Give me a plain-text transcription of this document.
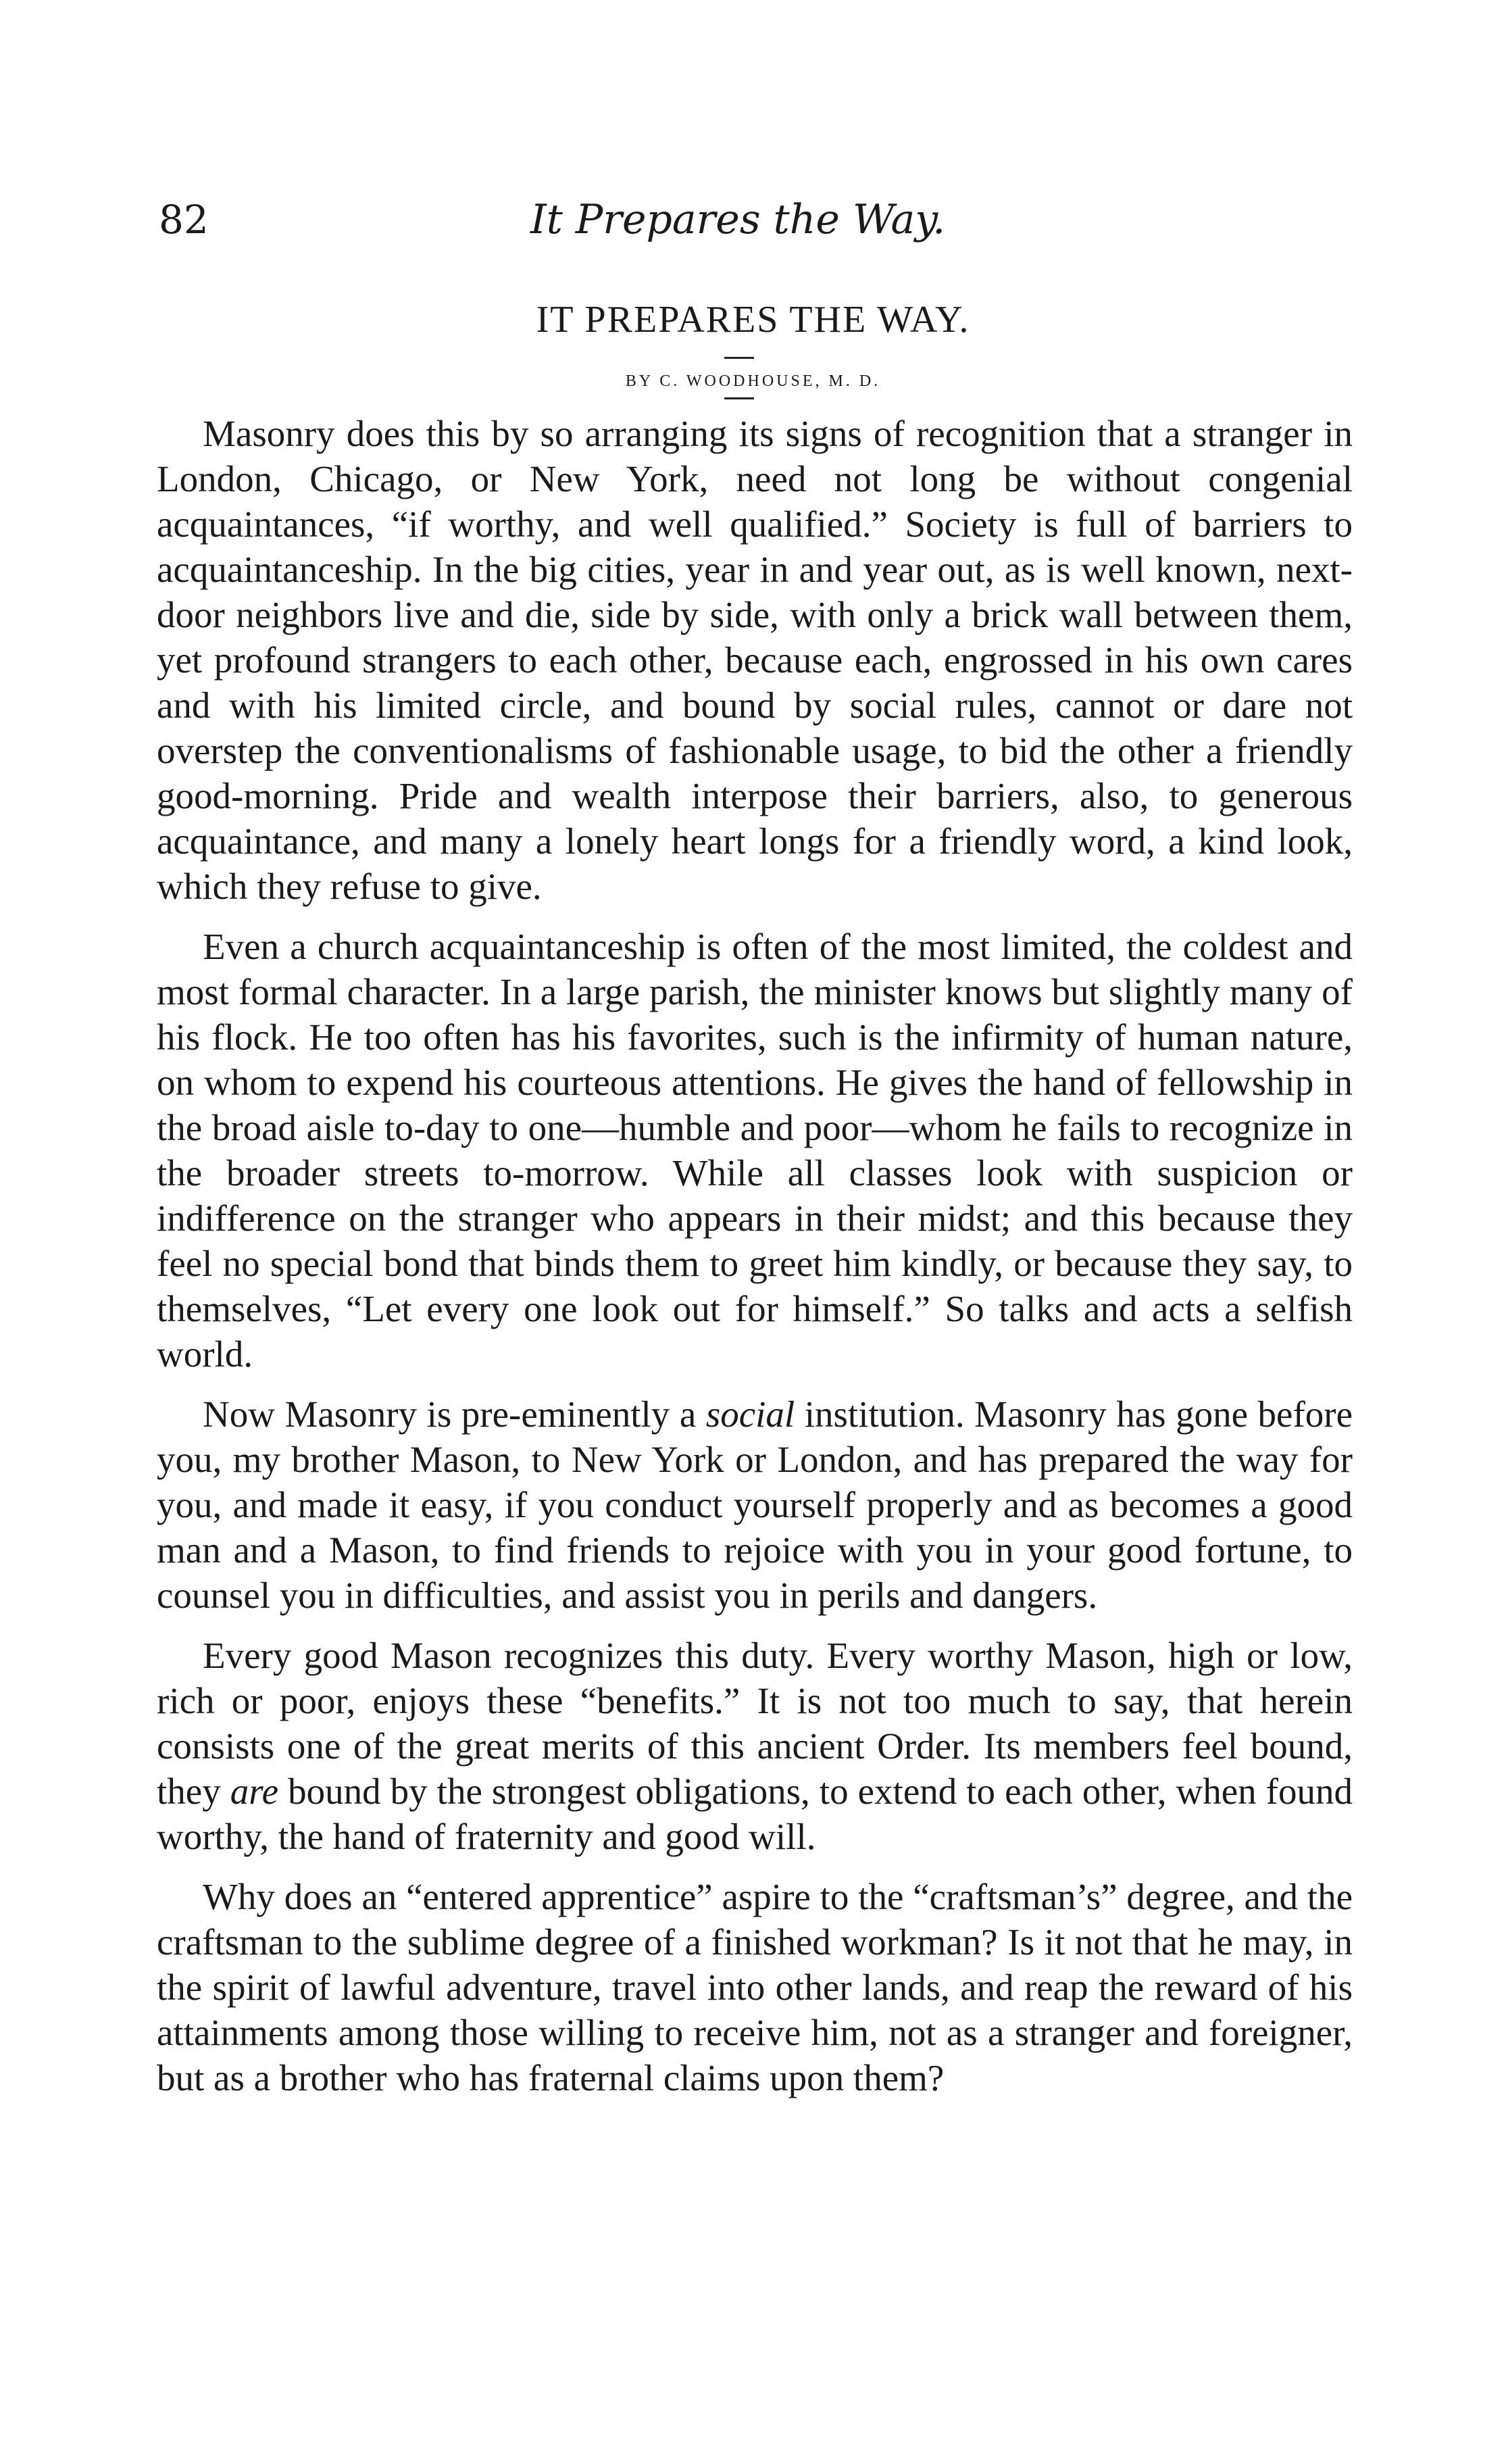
82	It Prepares the Way.
IT PREPARES THE WAY.
BY C. WOODHOUSE, M. D.

Masonry does this by so arranging its signs of recognition that a stranger in London, Chicago, or New York, need not long be without congenial acquaintances, “if worthy, and well qualified.” Society is full of barriers to acquaintanceship. In the big cities, year in and year out, as is well known, next-door neighbors live and die, side by side, with only a brick wall between them, yet profound strangers to each other, because each, engrossed in his own cares and with his limited circle, and bound by social rules, cannot or dare not overstep the conventionalisms of fashionable usage, to bid the other a friendly good-morning. Pride and wealth interpose their barriers, also, to generous acquaintance, and many a lonely heart longs for a friendly word, a kind look, which they refuse to give.

Even a church acquaintanceship is often of the most limited, the coldest and most formal character. In a large parish, the minister knows but slightly many of his flock. He too often has his favorites, such is the infirmity of human nature, on whom to expend his courteous attentions. He gives the hand of fellowship in the broad aisle to-day to one—humble and poor—whom he fails to recognize in the broader streets to-morrow. While all classes look with suspicion or indifference on the stranger who appears in their midst; and this because they feel no special bond that binds them to greet him kindly, or because they say, to themselves, “Let every one look out for himself.” So talks and acts a selfish world.

Now Masonry is pre-eminently a social institution. Masonry has gone before you, my brother Mason, to New York or London, and has prepared the way for you, and made it easy, if you conduct yourself properly and as becomes a good man and a Mason, to find friends to rejoice with you in your good fortune, to counsel you in difficulties, and assist you in perils and dangers.

Every good Mason recognizes this duty. Every worthy Mason, high or low, rich or poor, enjoys these “benefits.” It is not too much to say, that herein consists one of the great merits of this ancient Order. Its members feel bound, they are bound by the strongest obligations, to extend to each other, when found worthy, the hand of fraternity and good will.

Why does an “entered apprentice” aspire to the “craftsman’s” degree, and the craftsman to the sublime degree of a finished workman? Is it not that he may, in the spirit of lawful adventure, travel into other lands, and reap the reward of his attainments among those willing to receive him, not as a stranger and foreigner, but as a brother who has fraternal claims upon them?
